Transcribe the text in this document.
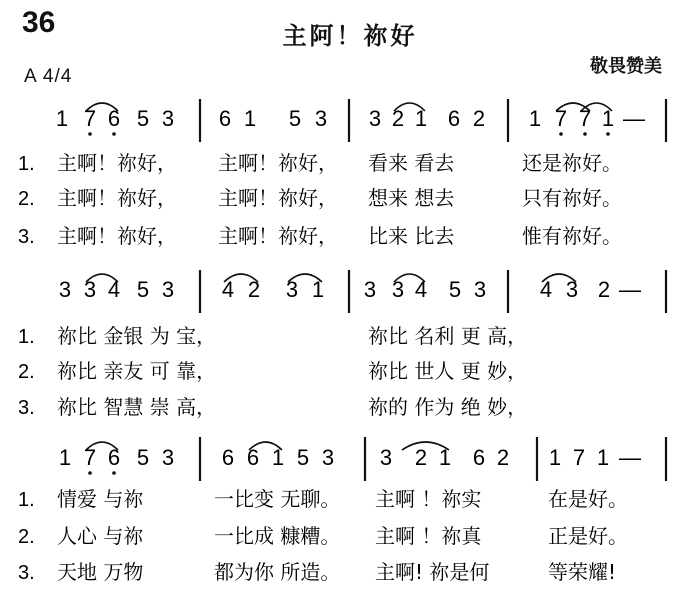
36	主阿！祢好
敬畏赞美
A 4/4
1 7 6 5 3 6 1 5 3 3 2 1 6 2 1 7 7 1 —
1. 主啊！祢好， 主啊！祢好， 看来 看去	还是祢好。
2. 主啊！祢好， 主啊！祢好， 想来 想去	只有祢好。
3. 主啊！祢好， 主啊！祢好， 比来 比去	惟有祢好。
3 3 4 5 3 4 2 3 1 3 3 4 5 3 4 3 2 —
1. 祢比 金银 为 宝，	祢比 名利 更 高，
2. 祢比 亲友 可 靠，	祢比 世人 更 妙，
3. 祢比 智慧 崇 高，	祢的 作为 绝 妙，
1 7 6 5 3 6 6 1 5 3 3 2 1 6 2 1 7 1 —
1. 情爱 与祢	一比变 无聊。 主啊 ！祢实	在是好。
2. 人心 与祢	一比成 糠糟。 主啊 ！祢真	正是好。
3. 天地 万物	都为你 所造。 主啊! 祢是何	等荣耀!
